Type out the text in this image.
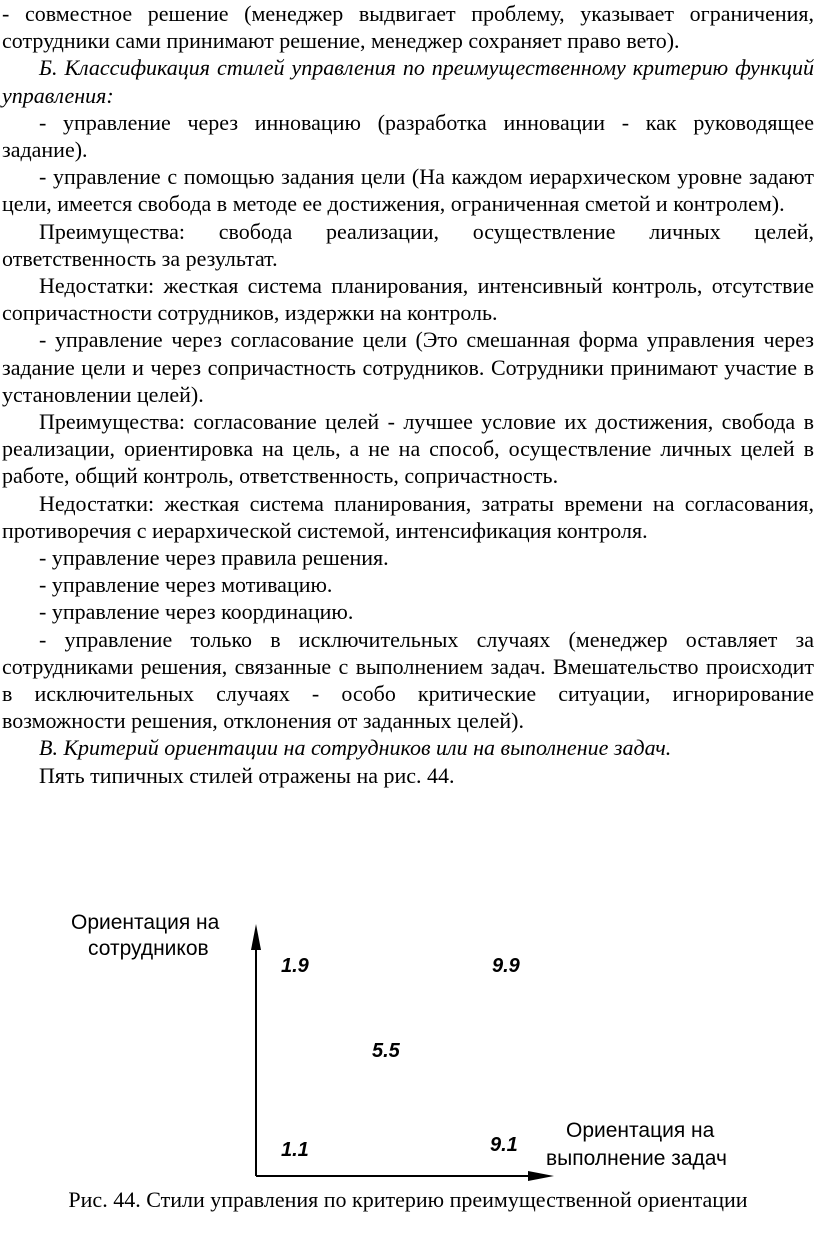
- совместное решение (менеджер выдвигает проблему, указывает ограничения, сотрудники сами принимают решение, менеджер сохраняет право вето).

Б. Классификация стилей управления по преимущественному критерию функций управления:

- управление через инновацию (разработка инновации - как руководящее задание).

- управление с помощью задания цели (На каждом иерархическом уровне задают цели, имеется свобода в методе ее достижения, ограниченная сметой и контролем).

Преимущества: свобода реализации, осуществление личных целей, ответственность за результат.

Недостатки: жесткая система планирования, интенсивный контроль, отсутствие сопричастности сотрудников, издержки на контроль.

- управление через согласование цели (Это смешанная форма управления через задание цели и через сопричастность сотрудников. Сотрудники принимают участие в установлении целей).

Преимущества: согласование целей - лучшее условие их достижения, свобода в реализации, ориентировка на цель, а не на способ, осуществление личных целей в работе, общий контроль, ответственность, сопричастность.

Недостатки: жесткая система планирования, затраты времени на согласования, противоречия с иерархической системой, интенсификация контроля.

- управление через правила решения.

- управление через мотивацию.

- управление через координацию.

- управление только в исключительных случаях (менеджер оставляет за сотрудниками решения, связанные с выполнением задач. Вмешательство происходит в исключительных случаях - особо критические ситуации, игнорирование возможности решения, отклонения от заданных целей).

В. Критерий ориентации на сотрудников или на выполнение задач.

Пять типичных стилей отражены на рис. 44.

Ориентация на
сотрудников
1.9	9.9
5.5
1.1	9.1
Ориентация на
выполнение задач
Рис. 44. Стили управления по критерию преимущественной ориентации
